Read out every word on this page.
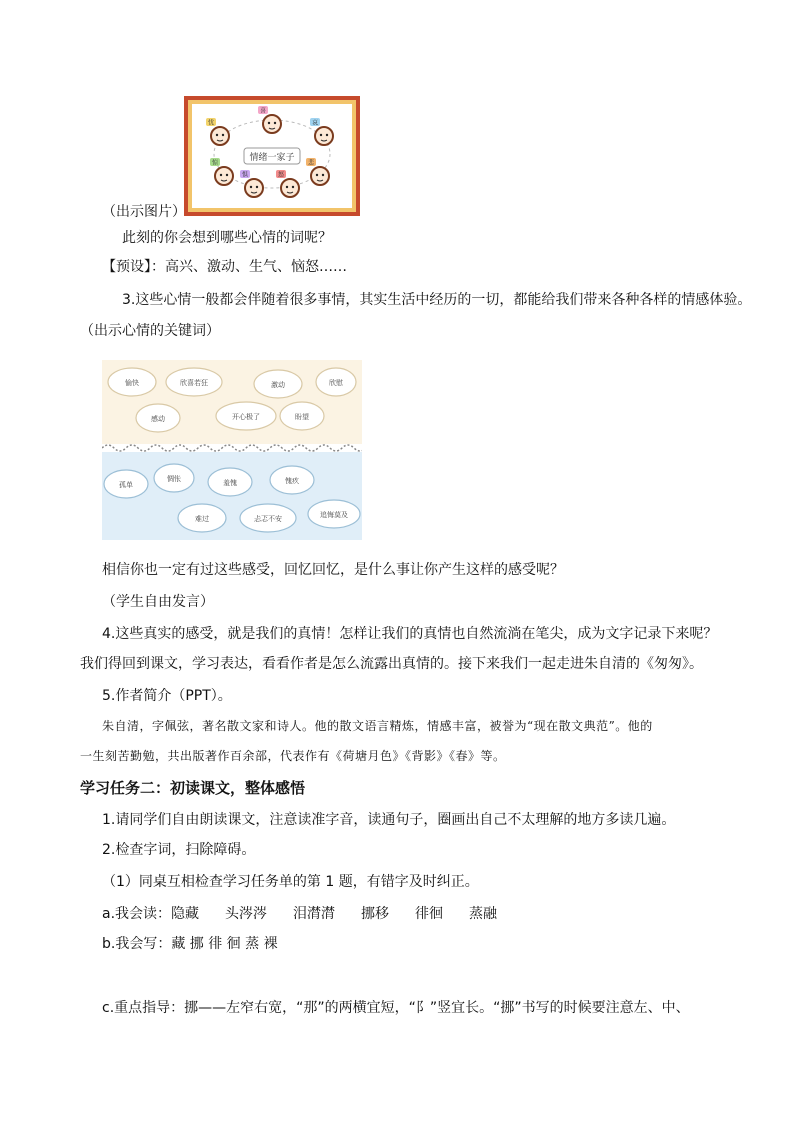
情绪一家子
喜
忧
惊
哀
悲
惧	怒
（出示图片）
此刻的你会想到哪些心情的词呢？
【预设】：高兴、激动、生气、恼怒……
3.这些心情一般都会伴随着很多事情，其实生活中经历的一切，都能给我们带来各种各样的情感体验。
（出示心情的关键词）
愉快	欣喜若狂	激动	欣慰
感动	开心极了	盼望
孤单
惆怅	羞愧	愧疚
难过	忐忑不安	追悔莫及
相信你也一定有过这些感受，回忆回忆，是什么事让你产生这样的感受呢？
（学生自由发言）
4.这些真实的感受，就是我们的真情！怎样让我们的真情也自然流淌在笔尖，成为文字记录下来呢？
我们得回到课文，学习表达，看看作者是怎么流露出真情的。接下来我们一起走进朱自清的《匆匆》。
5.作者简介（PPT）。
朱自清，字佩弦，著名散文家和诗人。他的散文语言精炼，情感丰富，被誉为“现在散文典范”。他的
一生刻苦勤勉，共出版著作百余部，代表作有《荷塘月色》《背影》《春》等。
学习任务二：初读课文，整体感悟
1.请同学们自由朗读课文，注意读准字音，读通句子，圈画出自己不太理解的地方多读几遍。
2.检查字词，扫除障碍。
（1）同桌互相检查学习任务单的第 1 题，有错字及时纠正。
a.我会读：隐藏 头涔涔 泪潸潸 挪移 徘徊 蒸融
b.我会写：藏 挪 徘 徊 蒸 裸
c.重点指导：挪——左窄右宽，“那”的两横宜短，“阝”竖宜长。“挪”书写的时候要注意左、中、
